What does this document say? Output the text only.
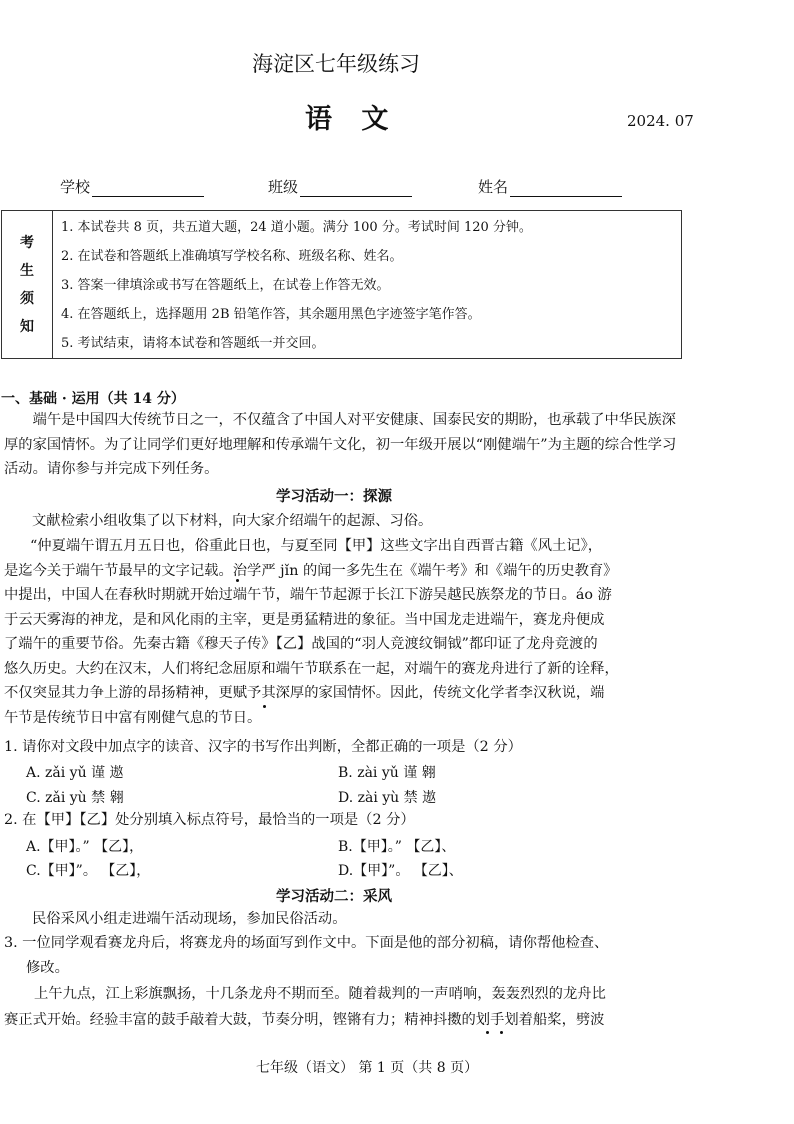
海淀区七年级练习
语 文	2024. 07
学校	班级	姓名
考
生
须
知

1. 本试卷共 8 页，共五道大题，24 道小题。满分 100 分。考试时间 120 分钟。
2. 在试卷和答题纸上准确填写学校名称、班级名称、姓名。
3. 答案一律填涂或书写在答题纸上，在试卷上作答无效。
4. 在答题纸上，选择题用 2B 铅笔作答，其余题用黑色字迹签字笔作答。
5. 考试结束，请将本试卷和答题纸一并交回。
一、基础 · 运用（共 14 分）
端午是中国四大传统节日之一，不仅蕴含了中国人对平安健康、国泰民安的期盼，也承载了中华民族深厚的家国情怀。为了让同学们更好地理解和传承端午文化，初一年级开展以“刚健端午”为主题的综合性学习活动。请你参与并完成下列任务。
学习活动一：探源
文献检索小组收集了以下材料，向大家介绍端午的起源、习俗。
“仲夏端午谓五月五日也，俗重此日也，与夏至同【甲】这些文字出自西晋古籍《风土记》，
是迄今关于端午节最早的文字记载。治学严 jǐn 的闻一多先生在《端午考》和《端午的历史教育》
中提出，中国人在春秋时期就开始过端午节，端午节起源于长江下游吴越民族祭龙的节日。áo 游
于云天雾海的神龙，是和风化雨的主宰，更是勇猛精进的象征。当中国龙走进端午，赛龙舟便成
了端午的重要节俗。先秦古籍《穆天子传》【乙】战国的“羽人竞渡纹铜钺”都印证了龙舟竞渡的
悠久历史。大约在汉末，人们将纪念屈原和端午节联系在一起，对端午的赛龙舟进行了新的诠释，
不仅突显其力争上游的昂扬精神，更赋予其深厚的家国情怀。因此，传统文化学者李汉秋说，端
午节是传统节日中富有刚健气息的节日。
1. 请你对文段中加点字的读音、汉字的书写作出判断，全都正确的一项是（2 分）
A. zǎi yǔ 谨 遨	B. zài yǔ 谨 翱
C. zǎi yù 禁 翱	D. zài yù 禁 遨
2. 在【甲】【乙】处分别填入标点符号，最恰当的一项是（2 分）
A.【甲】。” 【乙】，	B.【甲】。” 【乙】、
C.【甲】”。 【乙】，	D.【甲】”。 【乙】、
学习活动二：采风
民俗采风小组走进端午活动现场，参加民俗活动。
3. 一位同学观看赛龙舟后，将赛龙舟的场面写到作文中。下面是他的部分初稿，请你帮他检查、
修改。
上午九点，江上彩旗飘扬，十几条龙舟不期而至。随着裁判的一声哨响，轰轰烈烈的龙舟比
赛正式开始。经验丰富的鼓手敲着大鼓，节奏分明，铿锵有力；精神抖擞的划手划着船桨，劈波
七年级（语文） 第 1 页（共 8 页）
